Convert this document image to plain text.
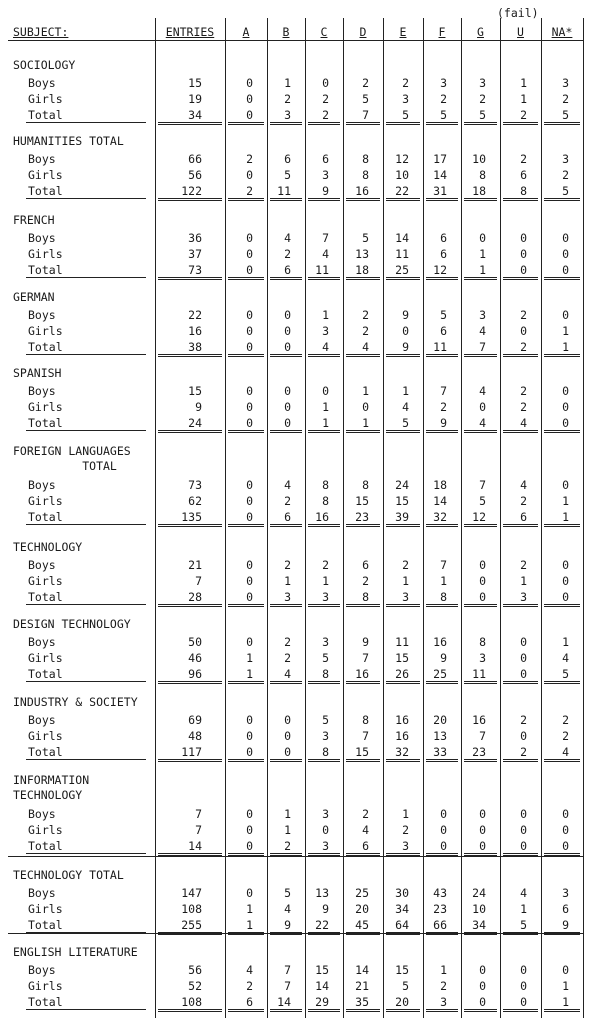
SUBJECT:	ENTRIES	A	B	C	D	E	F	G	U	NA*
(fail)
SOCIOLOGY
Boys	15	0	1	0	2	2	3	3	1	3
Girls	19	0	2	2	5	3	2	2	1	2
Total	34	0	3	2	7	5	5	5	2	5
HUMANITIES TOTAL
Boys	66	2	6	6	8	12	17	10	2	3
Girls	56	0	5	3	8	10	14	8	6	2
Total	122	2	11	9	16	22	31	18	8	5
FRENCH
Boys	36	0	4	7	5	14	6	0	0	0
Girls	37	0	2	4	13	11	6	1	0	0
Total	73	0	6	11	18	25	12	1	0	0
GERMAN
Boys	22	0	0	1	2	9	5	3	2	0
Girls	16	0	0	3	2	0	6	4	0	1
Total	38	0	0	4	4	9	11	7	2	1
SPANISH
Boys	15	0	0	0	1	1	7	4	2	0
Girls	9	0	0	1	0	4	2	0	2	0
Total	24	0	0	1	1	5	9	4	4	0
FOREIGN LANGUAGES
TOTAL
Boys	73	0	4	8	8	24	18	7	4	0
Girls	62	0	2	8	15	15	14	5	2	1
Total	135	0	6	16	23	39	32	12	6	1
TECHNOLOGY
Boys	21	0	2	2	6	2	7	0	2	0
Girls	7	0	1	1	2	1	1	0	1	0
Total	28	0	3	3	8	3	8	0	3	0
DESIGN TECHNOLOGY
Boys	50	0	2	3	9	11	16	8	0	1
Girls	46	1	2	5	7	15	9	3	0	4
Total	96	1	4	8	16	26	25	11	0	5
INDUSTRY & SOCIETY
Boys	69	0	0	5	8	16	20	16	2	2
Girls	48	0	0	3	7	16	13	7	0	2
Total	117	0	0	8	15	32	33	23	2	4
INFORMATION
TECHNOLOGY
Boys	7	0	1	3	2	1	0	0	0	0
Girls	7	0	1	0	4	2	0	0	0	0
Total	14	0	2	3	6	3	0	0	0	0
TECHNOLOGY TOTAL
Boys	147	0	5	13	25	30	43	24	4	3
Girls	108	1	4	9	20	34	23	10	1	6
Total	255	1	9	22	45	64	66	34	5	9
ENGLISH LITERATURE
Boys	56	4	7	15	14	15	1	0	0	0
Girls	52	2	7	14	21	5	2	0	0	1
Total	108	6	14	29	35	20	3	0	0	1
